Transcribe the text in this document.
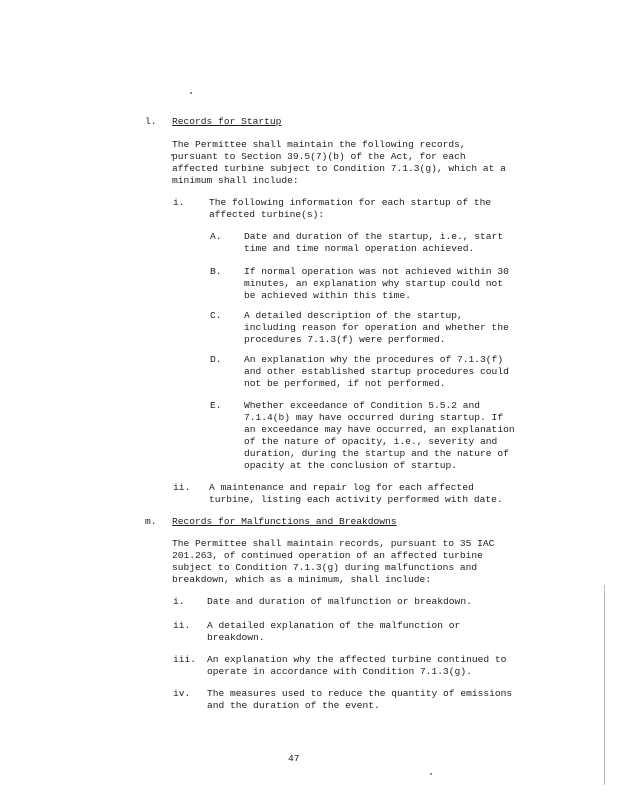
l. Records for Startup
The Permittee shall maintain the following records,
pursuant to Section 39.5(7)(b) of the Act, for each
affected turbine subject to Condition 7.1.3(g), which at a
minimum shall include:
i.	The following information for each startup of the
affected turbine(s):
A. Date and duration of the startup, i.e., start
time and time normal operation achieved.
B. If normal operation was not achieved within 30
minutes, an explanation why startup could not
be achieved within this time.
C. A detailed description of the startup,
including reason for operation and whether the
procedures 7.1.3(f) were performed.
D. An explanation why the procedures of 7.1.3(f)
and other established startup procedures could
not be performed, if not performed.
E. Whether exceedance of Condition 5.5.2 and
7.1.4(b) may have occurred during startup. If
an exceedance may have occurred, an explanation
of the nature of opacity, i.e., severity and
duration, during the startup and the nature of
opacity at the conclusion of startup.
ii. A maintenance and repair log for each affected
turbine, listing each activity performed with date.
m. Records for Malfunctions and Breakdowns
The Permittee shall maintain records, pursuant to 35 IAC
201.263, of continued operation of an affected turbine
subject to Condition 7.1.3(g) during malfunctions and
breakdown, which as a minimum, shall include:
i. Date and duration of malfunction or breakdown.
ii. A detailed explanation of the malfunction or
breakdown.
iii. An explanation why the affected turbine continued to
operate in accordance with Condition 7.1.3(g).
iv. The measures used to reduce the quantity of emissions
and the duration of the event.
47
